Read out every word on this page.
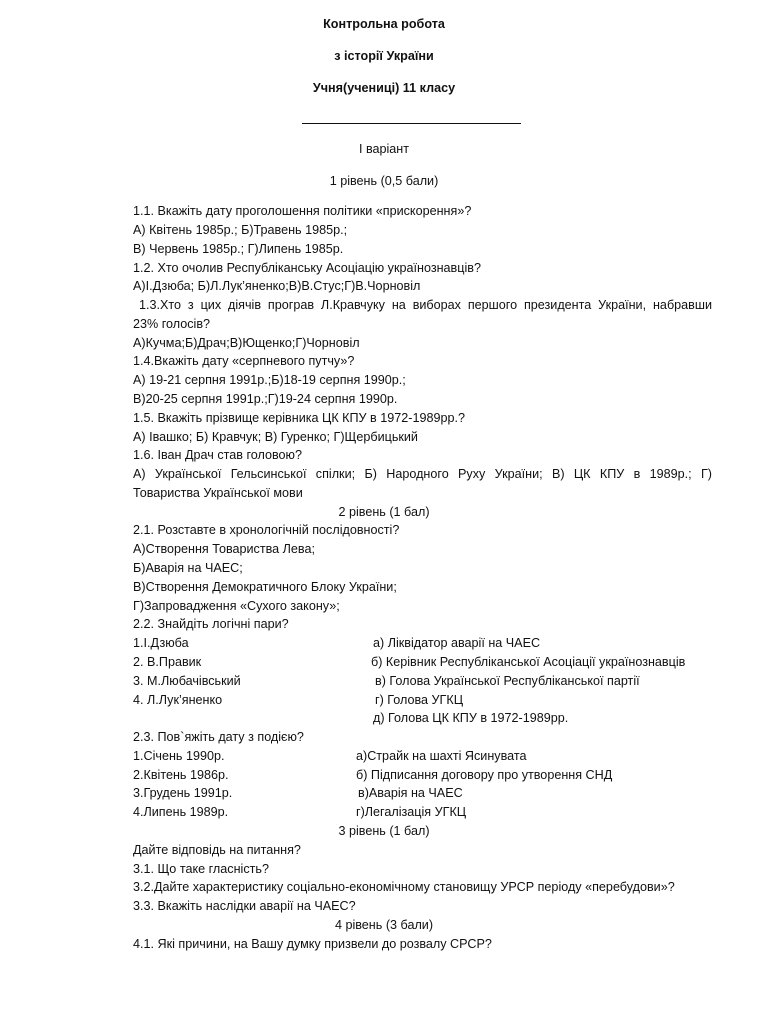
Контрольна робота
з історії України
Учня(учениці) 11 класу
І варіант
1 рівень (0,5 бали)
1.1. Вкажіть дату проголошення політики «прискорення»?
А) Квітень 1985р.; Б)Травень 1985р.;
В) Червень 1985р.; Г)Липень 1985р.
1.2. Хто очолив Республіканську Асоціацію українознавців?
А)І.Дзюба; Б)Л.Лук’яненко;В)В.Стус;Г)В.Чорновіл
1.3.Хто з цих діячів програв Л.Кравчуку на виборах першого президента України, набравши
23% голосів?
А)Кучма;Б)Драч;В)Ющенко;Г)Чорновіл
1.4.Вкажіть дату «серпневого путчу»?
А) 19-21 серпня 1991р.;Б)18-19 серпня 1990р.;
В)20-25 серпня 1991р.;Г)19-24 серпня 1990р.
1.5. Вкажіть прізвище керівника ЦК КПУ в 1972-1989рр.?
А) Івашко; Б) Кравчук; В) Гуренко; Г)Щербицький
1.6. Іван Драч став головою?
А) Української Гельсинської спілки; Б) Народного Руху України; В) ЦК КПУ в 1989р.; Г)
Товариства Української мови
2 рівень (1 бал)
2.1. Розставте в хронологічній послідовності?
А)Створення Товариства Лева;
Б)Аварія на ЧАЕС;
В)Створення Демократичного Блоку України;
Г)Запровадження «Сухого закону»;
2.2. Знайдіть логічні пари?
1.І.Дзюба
2. В.Правик
3. М.Любачівський
4. Л.Лук’яненко
а) Ліквідатор аварії на ЧАЕС
б) Керівник Республіканської Асоціації українознавців
в) Голова Української Республіканської партії
г) Голова УГКЦ
д) Голова ЦК КПУ в 1972-1989рр.
2.3. Пов`яжіть дату з подією?
1.Січень 1990р.
2.Квітень 1986р.
3.Грудень 1991р.
4.Липень 1989р.
а)Страйк на шахті Ясинувата
б) Підписання договору про утворення СНД
в)Аварія на ЧАЕС
г)Легалізація УГКЦ
3 рівень (1 бал)
Дайте відповідь на питання?
3.1. Що таке гласність?
3.2.Дайте характеристику соціально-економічному становищу УРСР періоду «перебудови»?
3.3. Вкажіть наслідки аварії на ЧАЕС?
4 рівень (3 бали)
4.1. Які причини, на Вашу думку призвели до розвалу СРСР?
